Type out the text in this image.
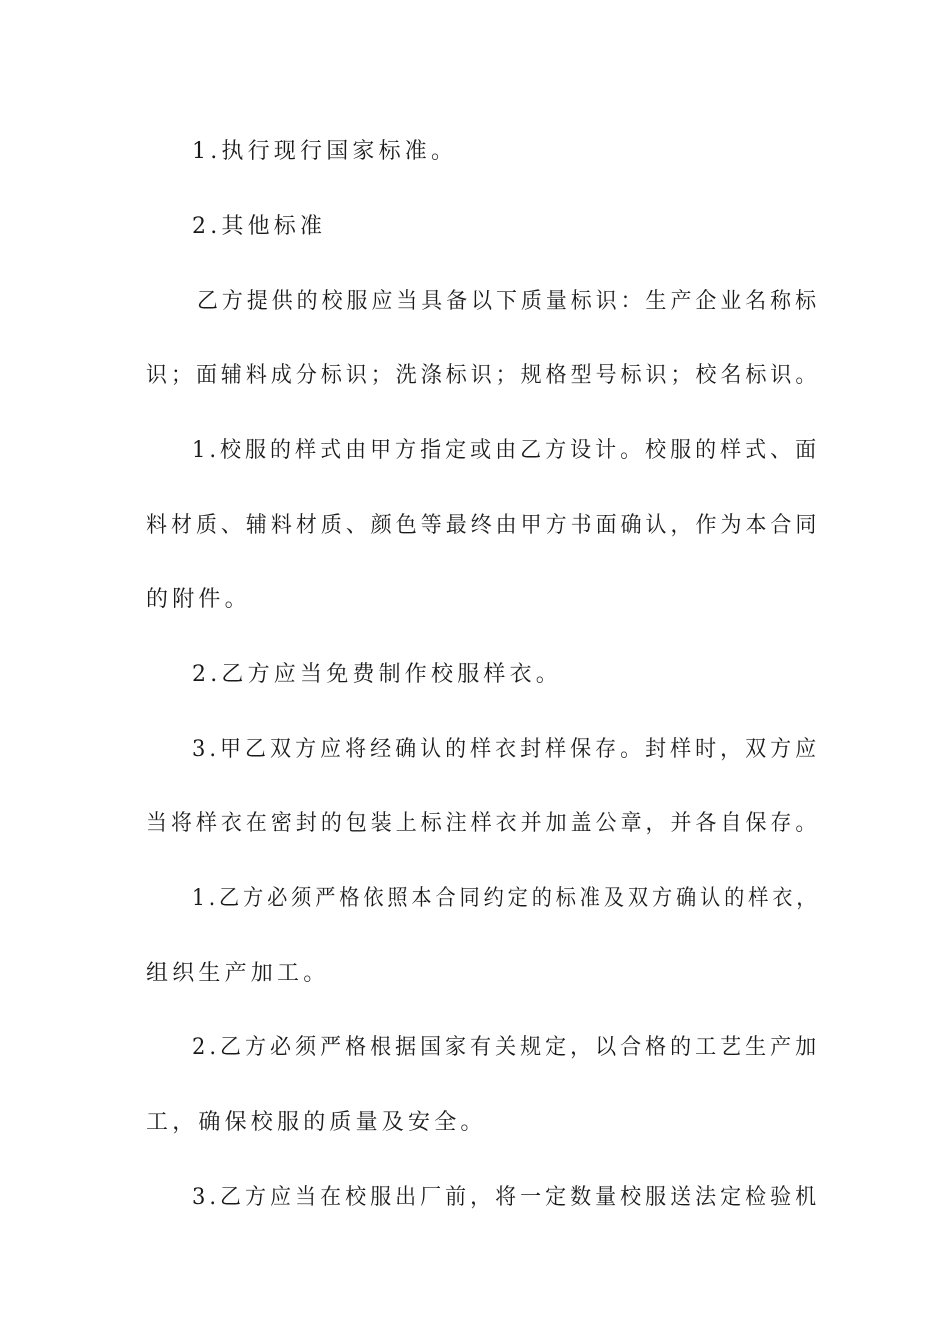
1.执行现行国家标准。
2.其他标准
乙方提供的校服应当具备以下质量标识：生产企业名称标
识；面辅料成分标识；洗涤标识；规格型号标识；校名标识。
1.校服的样式由甲方指定或由乙方设计。校服的样式、面
料材质、辅料材质、颜色等最终由甲方书面确认，作为本合同
的附件。
2.乙方应当免费制作校服样衣。
3.甲乙双方应将经确认的样衣封样保存。封样时，双方应
当将样衣在密封的包装上标注样衣并加盖公章，并各自保存。
1.乙方必须严格依照本合同约定的标准及双方确认的样衣，
组织生产加工。
2.乙方必须严格根据国家有关规定，以合格的工艺生产加
工，确保校服的质量及安全。
3.乙方应当在校服出厂前，将一定数量校服送法定检验机
